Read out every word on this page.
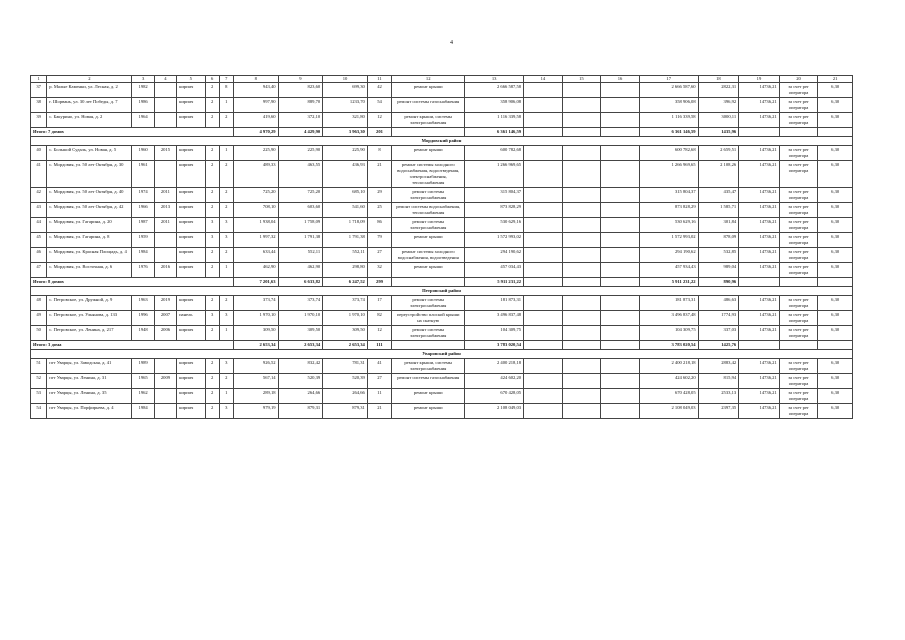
4
1	2	3	4	5	6	7	8	9	10	11	12	13	14	15	16	17	18	19	20	21
37	р. Малые Каменки, ул. Лесная, д. 2	1982		кирпич	2	8	943,40	823,60	699,30	42	ремонт крыши	2 666 587,58				2 666 587,60	2822,31	14736,21	за счет рег оператора	6,30
38	г. Шорвань, ул. 30 лет Победы, д. 7	1986		кирпич	2	1	997,90	889,70	1233,70	54	ремонт системы газоснабжения	358 906,08				358 906,08	396,92	14736,21	за счет рег оператора	6,30
39	с. Бакурино, ул. Новая, д. 2	1964		кирпич	2	2	419,60	372,10	321,80	12	ремонт крыши, системы электроснабжения	1 116 339,58				1 116 339,58	3000,11	14736,21	за счет рег оператора	6,30
Итого: 7 домов							4 970,29	4 429,90	3 963,30	201		6 361 146,59				6 361 146,59	1435,96			
Мордовский район																				
40	с. Большой Судаль, ул. Новая, д. 5	1960	2015	кирпич	2	1	225,90	225,90	225,90	8	ремонт крыши	600 782,68				600 782,68	2 659,51	14736,21	за счет рег оператора	6,30
41	с. Мордовия, ул. 50 лет Октября, д. 30	1961		кирпич	2	2	489,33	463,55	436,93	21	ремонт системы холодного водоснабжения, водоотведения, электроснабжения, теплоснабжения	1 266 969,65				1 266 969,65	2 108,26	14736,21	за счет рег оператора	6,30
42	с. Мордовия, ул. 50 лет Октября, д. 40	1974	2011	кирпич	2	2	725,20	725,20	685,10	29	ремонт системы электроснабжения	315 804,37				315 804,37	435,47	14736,21	за счет рег оператора	6,30
43	с. Мордовия, ул. 50 лет Октября, д. 42	1966	2013	кирпич	2	2	708,10	603,60	541,60	25	ремонт системы водоснабжения, теплоснабжения	873 828,29				873 828,29	1 585,71	14736,21	за счет рег оператора	6,30
44	с. Мордовия, ул. Гагарина, д. 20	1987	2011	кирпич	3	3	1 938,04	1 758,09	1 718,09	86	ремонт системы электроснабжения	530 629,16				530 629,16	301,84	14736,21	за счет рег оператора	6,30
45	с. Мордовия, ул. Гагарина, д. 8	1959		кирпич	3	3	1 997,32	1 791,38	1 791,38	79	ремонт крыши	1 572 993,02				1 572 993,02	878,09	14736,21	за счет рег оператора	6,30
46	с. Мордовия, ул. Красная Площадь, д. 4	1984		кирпич	2	2	633,44	552,11	552,11	27	ремонт системы холодного водоснабжения, водоотведения	294 190,62				294 190,62	532,85	14736,21	за счет рег оператора	6,30
47	с. Мордовия, ул. Восточная, д. 6	1976	2016	кирпич	2	1	462,90	462,90	298,80	32	ремонт крыши	457 034,43				457 934,43	989,04	14736,21	за счет рег оператора	6,30
Итого: 8 домов							7 201,63	6 633,82	6 247,52	299		5 911 231,22				5 911 231,22	890,96			
Петровский район																				
48	с. Петровское, ул. Дружной, д. 9	1963	2019	кирпич	2	2	373,74	373,74	373,74	17	ремонт системы электроснабжения	181 873,31				181 873,31	486,63	14736,21	за счет рег оператора	6,30
49	с. Петровское, ул. Ульянова, д. 133	1996	2007	панель	3	3	1 970,10	1 970,10	1 970,10	82	переустройство плоской крыши на скатную	3 496 837,48				3 496 837,48	1774,93	14736,21	за счет рег оператора	6,30
50	с. Петровское, ул. Ленина, д. 217	1948	2006	кирпич	2	1	309,50	309,50	309,50	12	ремонт системы электроснабжения	104 309,75				104 309,75	337,03	14736,21	за счет рег оператора	6,30
Итого: 3 дома							2 653,34	2 653,34	2 653,34	111		3 783 020,54				3 783 020,54	1425,76			
Уваровский район																				
51	пгт Уварцы, ул. Заводская, д. 41	1989		кирпич	2	3	926,52	832,42	781,31	41	ремонт крыши, системы электроснабжения	2 400 218,18				2 400 218,18	2883,42	14736,21	за счет рег оператора	6,30
52	пгт Уварцы, ул. Ленина, д. 31	1965	2009	кирпич	2	2	567,14	520,39	520,39	27	ремонт системы газоснабжения	424 602,20				424 602,20	815,94	14736,21	за счет рег оператора	6,30
53	пгт Уварцы, ул. Ленина, д. 35	1962		кирпич	2	1	289,18	264,66	264,66	11	ремонт крыши	670 428,05				670 428,05	2533,13	14736,21	за счет рег оператора	6,30
54	пгт Уварцы, ул. Порфирьева, д. 4	1984		кирпич	2	3	979,19	879,31	879,31	21	ремонт крыши	2 108 049,03				2 108 049,03	2397,35	14736,21	за счет рег оператора	6,30
